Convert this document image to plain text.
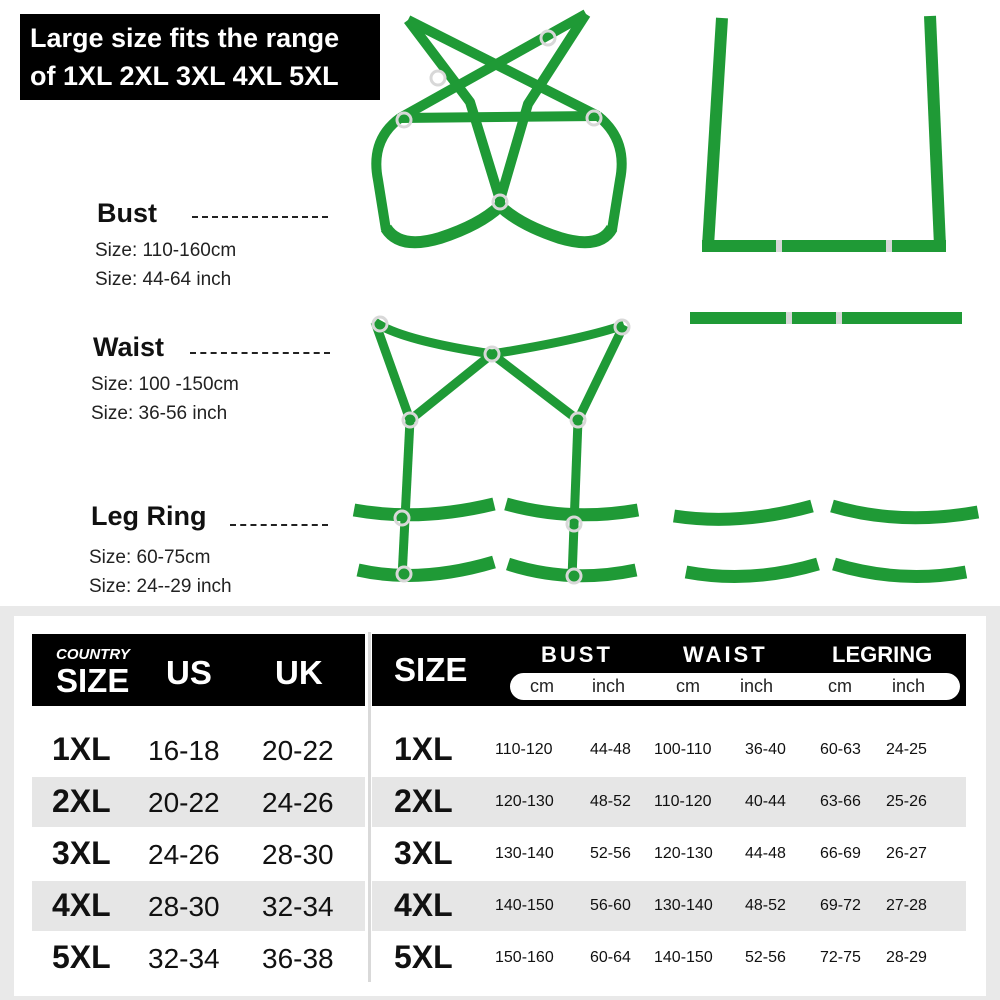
Large size fits the range
of 1XL 2XL 3XL 4XL 5XL
Bust
Size: 110-160cm
Size: 44-64 inch
Waist
Size: 100 -150cm
Size: 36-56 inch
Leg Ring
Size: 60-75cm
Size: 24--29 inch
COUNTRY
SIZE US UK SIZE	BUST	WAIST	LEGRING
cm inch	cm inch	cm inch
1XL 16-18 20-22 1XL	110-120 44-48 100-110 36-40 60-63 24-25
2XL 20-22 24-26 2XL	120-130 48-52 110-120 40-44 63-66 25-26
3XL 24-26 28-30 3XL	130-140 52-56 120-130 44-48 66-69 26-27
4XL 28-30 32-34 4XL	140-150 56-60 130-140 48-52 69-72 27-28
5XL 32-34 36-38 5XL	150-160 60-64 140-150 52-56 72-75 28-29
